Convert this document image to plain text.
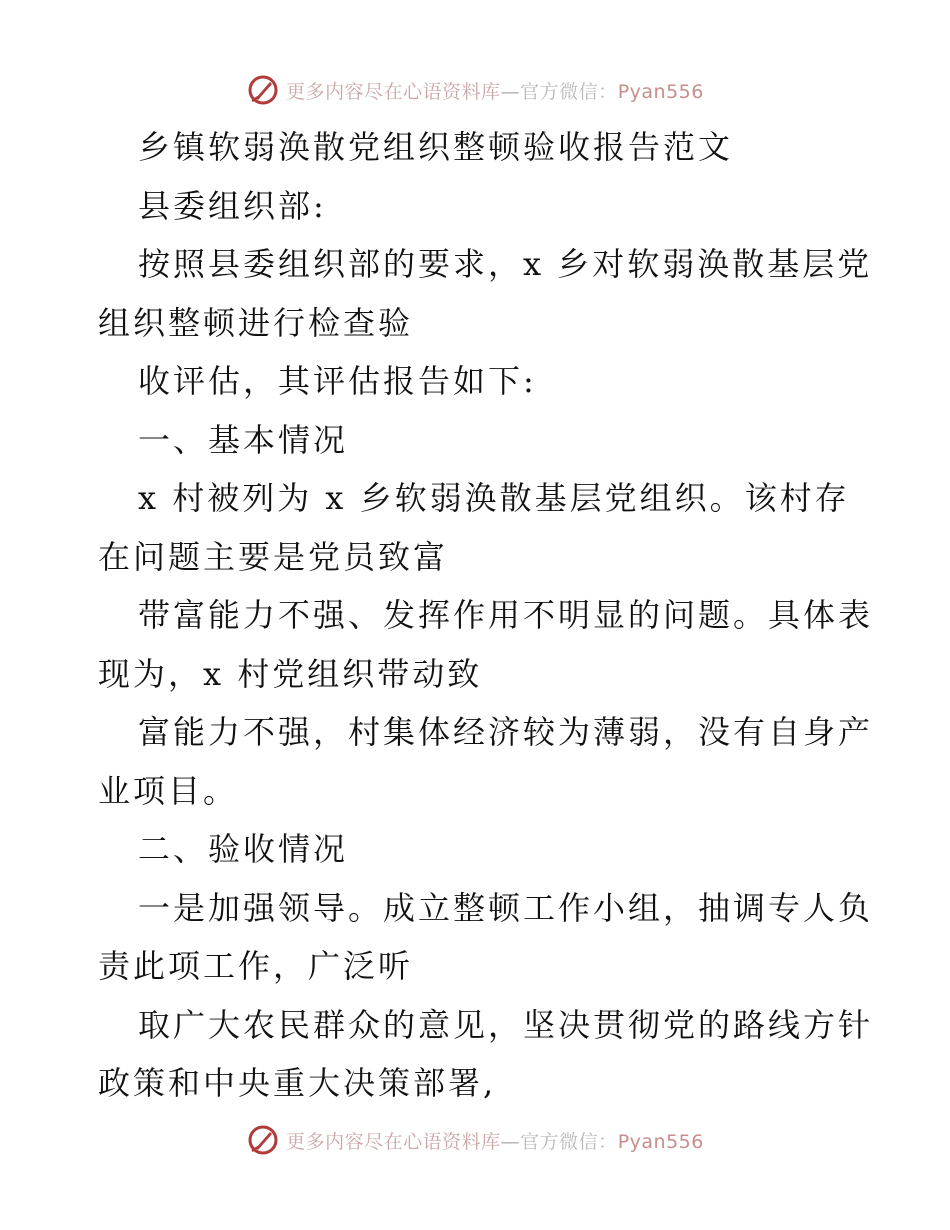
更多内容尽在心语资料库—官方微信：Pyan556
乡镇软弱涣散党组织整顿验收报告范文
县委组织部:
按照县委组织部的要求，x 乡对软弱涣散基层党
组织整顿进行检查验
收评估，其评估报告如下:
一、基本情况
x 村被列为 x 乡软弱涣散基层党组织。该村存
在问题主要是党员致富
带富能力不强、发挥作用不明显的问题。具体表
现为，x 村党组织带动致
富能力不强，村集体经济较为薄弱，没有自身产
业项目。
二、验收情况
一是加强领导。成立整顿工作小组，抽调专人负
责此项工作，广泛听
取广大农民群众的意见，坚决贯彻党的路线方针
政策和中央重大决策部署,
更多内容尽在心语资料库—官方微信：Pyan556
